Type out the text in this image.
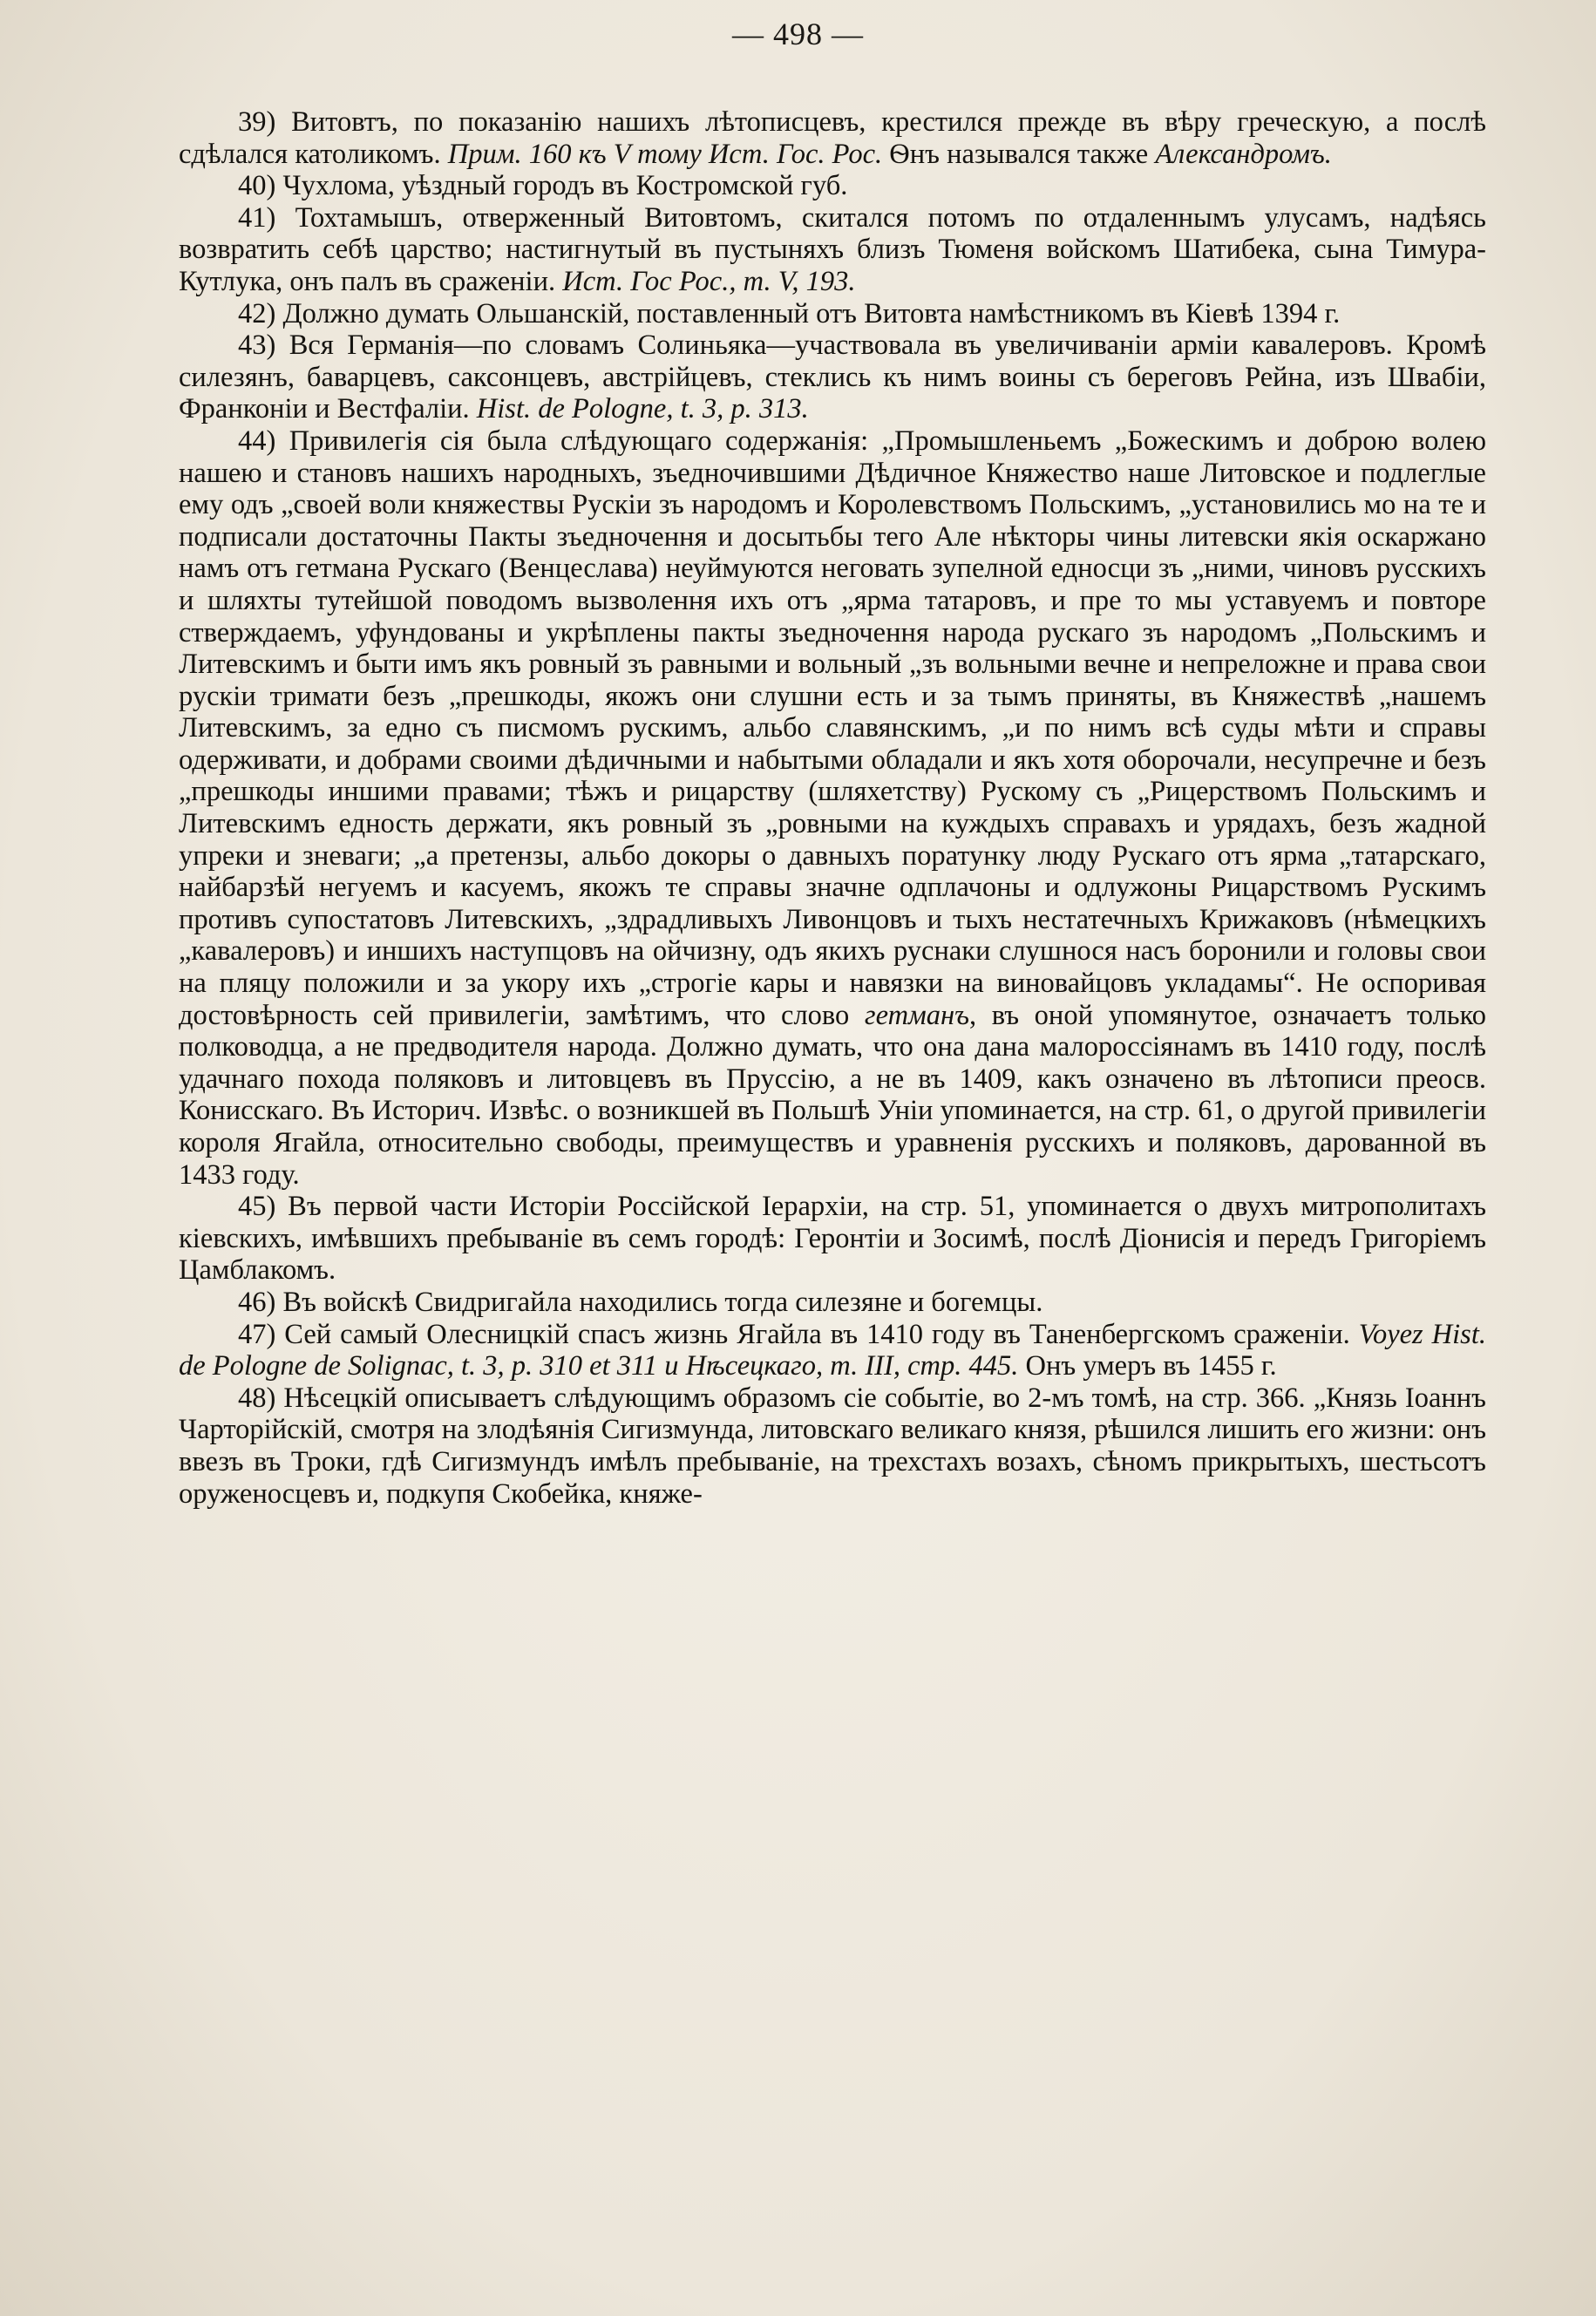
— 498 —

39) Витовтъ, по показанію нашихъ лѣтописцевъ, крестился прежде въ вѣру греческую, а послѣ сдѣлался католикомъ. Прим. 160 къ V тому Ист. Гос. Рос. Ѳнъ назывался также Александромъ.

40) Чухлома, уѣздный городъ въ Костромской губ.

41) Тохтамышъ, отверженный Витовтомъ, скитался потомъ по отдаленнымъ улусамъ, надѣясь возвратить себѣ царство; настигнутый въ пустыняхъ близъ Тюменя войскомъ Шатибека, сына Тимура-Кутлука, онъ палъ въ сраженіи. Ист. Гос Рос., т. V, 193.

42) Должно думать Ольшанскій, поставленный отъ Витовта намѣстникомъ въ Кіевѣ 1394 г.

43) Вся Германія—по словамъ Солиньяка—участвовала въ увеличиваніи арміи кавалеровъ. Кромѣ силезянъ, баварцевъ, саксонцевъ, австрійцевъ, стеклись къ нимъ воины съ береговъ Рейна, изъ Швабіи, Франконіи и Вестфаліи. Hist. de Pologne, t. 3, p. 313.

44) Привилегія сія была слѣдующаго содержанія: „Промышленьемъ „Божескимъ и доброю волею нашею и становъ нашихъ народныхъ, зъедночившими Дѣдичное Княжество наше Литовское и подлеглые ему одъ „своей воли княжествы Рускіи зъ народомъ и Королевствомъ Польскимъ, „установились мо на те и подписали достаточны Пакты зъедночення и досытьбы тего Але нѣкторы чины литевски якія оскаржано намъ отъ гетмана Рускаго (Венцеслава) неуймуются неговать зупелной едносци зъ „ними, чиновъ русскихъ и шляхты тутейшой поводомъ вызволення ихъ отъ „ярма татаровъ, и пре то мы уставуемъ и повторе стверждаемъ, уфундованы и укрѣплены пакты зъедночення народа рускаго зъ народомъ „Польскимъ и Литевскимъ и быти имъ якъ ровный зъ равными и вольный „зъ вольными вечне и непреложне и права свои рускіи тримати безъ „прешкоды, якожъ они слушни есть и за тымъ приняты, въ Княжествѣ „нашемъ Литевскимъ, за едно съ писмомъ рускимъ, альбо славянскимъ, „и по нимъ всѣ суды мѣти и справы одерживати, и добрами своими дѣдичными и набытыми обладали и якъ хотя оборочали, несупречне и безъ „прешкоды иншими правами; тѣжъ и рицарству (шляхетству) Рускому съ „Рицерствомъ Польскимъ и Литевскимъ едность держати, якъ ровный зъ „ровными на куждыхъ справахъ и урядахъ, безъ жадной упреки и зневаги; „а претензы, альбо докоры о давныхъ поратунку люду Рускаго отъ ярма „татарскаго, найбарзѣй негуемъ и касуемъ, якожъ те справы значне одплачоны и одлужоны Рицарствомъ Рускимъ противъ супостатовъ Литевскихъ, „здрадливыхъ Ливонцовъ и тыхъ нестатечныхъ Крижаковъ (нѣмецкихъ „кавалеровъ) и иншихъ наступцовъ на ойчизну, одъ якихъ руснаки слушнося насъ боронили и головы свои на пляцу положили и за укору ихъ „строгіе кары и навязки на виновайцовъ укладамы“. Не оспоривая достовѣрность сей привилегіи, замѣтимъ, что слово гетманъ, въ оной упомянутое, означаетъ только полководца, а не предводителя народа. Должно думать, что она дана малороссіянамъ въ 1410 году, послѣ удачнаго похода поляковъ и литовцевъ въ Пруссію, а не въ 1409, какъ означено въ лѣтописи преосв. Конисскаго. Въ Историч. Извѣс. о возникшей въ Польшѣ Уніи упоминается, на стр. 61, о другой привилегіи короля Ягайла, относительно свободы, преимуществъ и уравненія русскихъ и поляковъ, дарованной въ 1433 году.

45) Въ первой части Исторіи Россійской Іерархіи, на стр. 51, упоминается о двухъ митрополитахъ кіевскихъ, имѣвшихъ пребываніе въ семъ городѣ: Геронтіи и Зосимѣ, послѣ Діонисія и передъ Григоріемъ Цамблакомъ.

46) Въ войскѣ Свидригайла находились тогда силезяне и богемцы.

47) Сей самый Олесницкій спасъ жизнь Ягайла въ 1410 году въ Таненбергскомъ сраженіи. Voyez Hist. de Pologne de Solignac, t. 3, p. 310 et 311 и Нѣсецкаго, т. III, стр. 445. Онъ умеръ въ 1455 г.

48) Нѣсецкій описываетъ слѣдующимъ образомъ сіе событіе, во 2-мъ томѣ, на стр. 366. „Князь Іоаннъ Чарторійскій, смотря на злодѣянія Сигизмунда, литовскаго великаго князя, рѣшился лишить его жизни: онъ ввезъ въ Троки, гдѣ Сигизмундъ имѣлъ пребываніе, на трехстахъ возахъ, сѣномъ прикрытыхъ, шестьсотъ оруженосцевъ и, подкупя Скобейка, княже-
